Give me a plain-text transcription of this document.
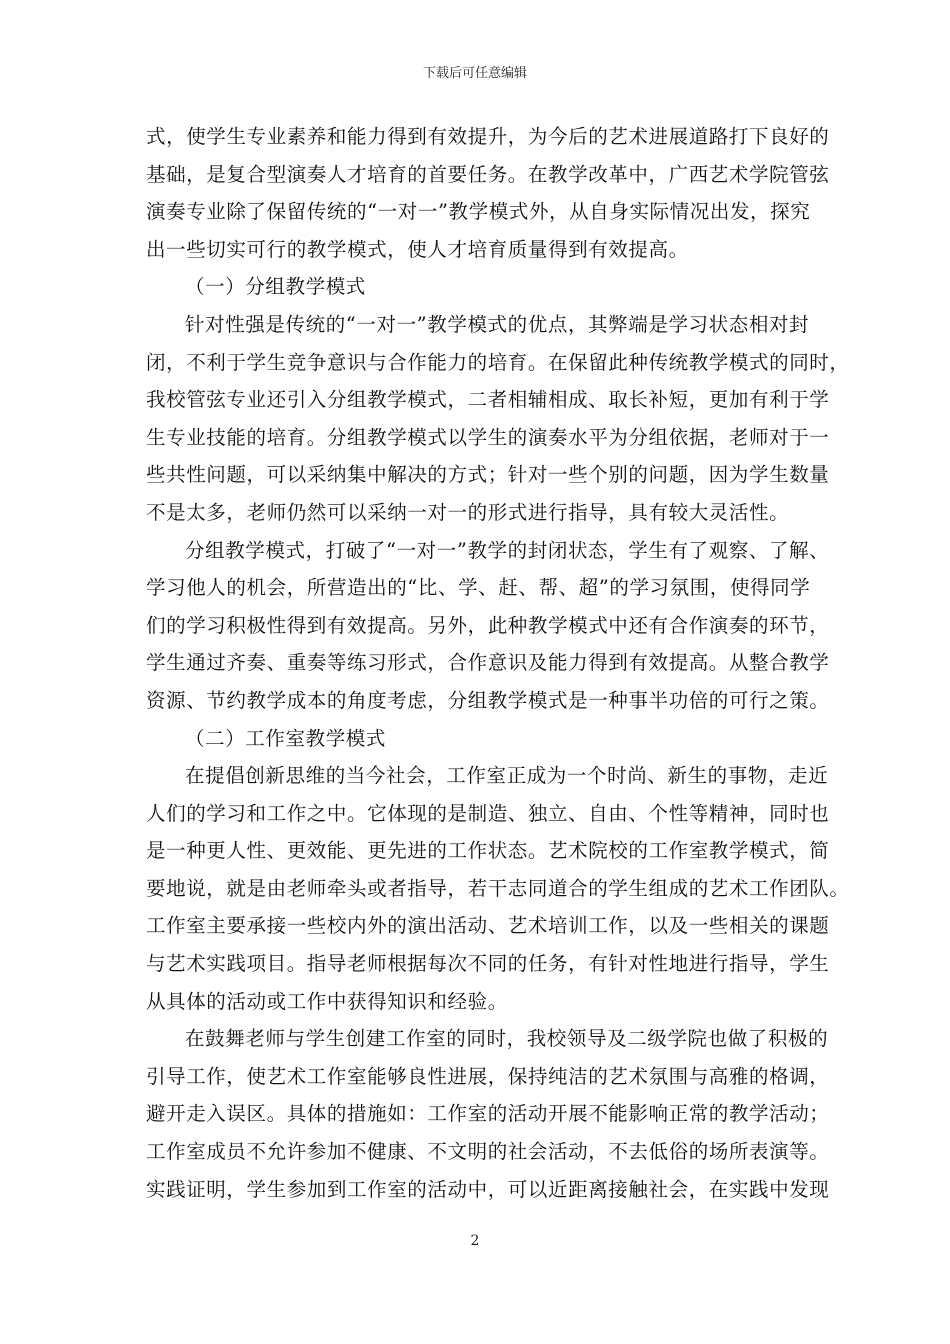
下载后可任意编辑
式，使学生专业素养和能力得到有效提升，为今后的艺术进展道路打下良好的
基础，是复合型演奏人才培育的首要任务。在教学改革中，广西艺术学院管弦
演奏专业除了保留传统的“一对一”教学模式外，从自身实际情况出发，探究
出一些切实可行的教学模式，使人才培育质量得到有效提高。
（一）分组教学模式
针对性强是传统的“一对一”教学模式的优点，其弊端是学习状态相对封
闭，不利于学生竞争意识与合作能力的培育。在保留此种传统教学模式的同时，
我校管弦专业还引入分组教学模式，二者相辅相成、取长补短，更加有利于学
生专业技能的培育。分组教学模式以学生的演奏水平为分组依据，老师对于一
些共性问题，可以采纳集中解决的方式；针对一些个别的问题，因为学生数量
不是太多，老师仍然可以采纳一对一的形式进行指导，具有较大灵活性。
分组教学模式，打破了“一对一”教学的封闭状态，学生有了观察、了解、
学习他人的机会，所营造出的“比、学、赶、帮、超”的学习氛围，使得同学
们的学习积极性得到有效提高。另外，此种教学模式中还有合作演奏的环节，
学生通过齐奏、重奏等练习形式，合作意识及能力得到有效提高。从整合教学
资源、节约教学成本的角度考虑，分组教学模式是一种事半功倍的可行之策。
（二）工作室教学模式
在提倡创新思维的当今社会，工作室正成为一个时尚、新生的事物，走近
人们的学习和工作之中。它体现的是制造、独立、自由、个性等精神，同时也
是一种更人性、更效能、更先进的工作状态。艺术院校的工作室教学模式，简
要地说，就是由老师牵头或者指导，若干志同道合的学生组成的艺术工作团队。
工作室主要承接一些校内外的演出活动、艺术培训工作，以及一些相关的课题
与艺术实践项目。指导老师根据每次不同的任务，有针对性地进行指导，学生
从具体的活动或工作中获得知识和经验。
在鼓舞老师与学生创建工作室的同时，我校领导及二级学院也做了积极的
引导工作，使艺术工作室能够良性进展，保持纯洁的艺术氛围与高雅的格调，
避开走入误区。具体的措施如：工作室的活动开展不能影响正常的教学活动；
工作室成员不允许参加不健康、不文明的社会活动，不去低俗的场所表演等。
实践证明，学生参加到工作室的活动中，可以近距离接触社会，在实践中发现
2
